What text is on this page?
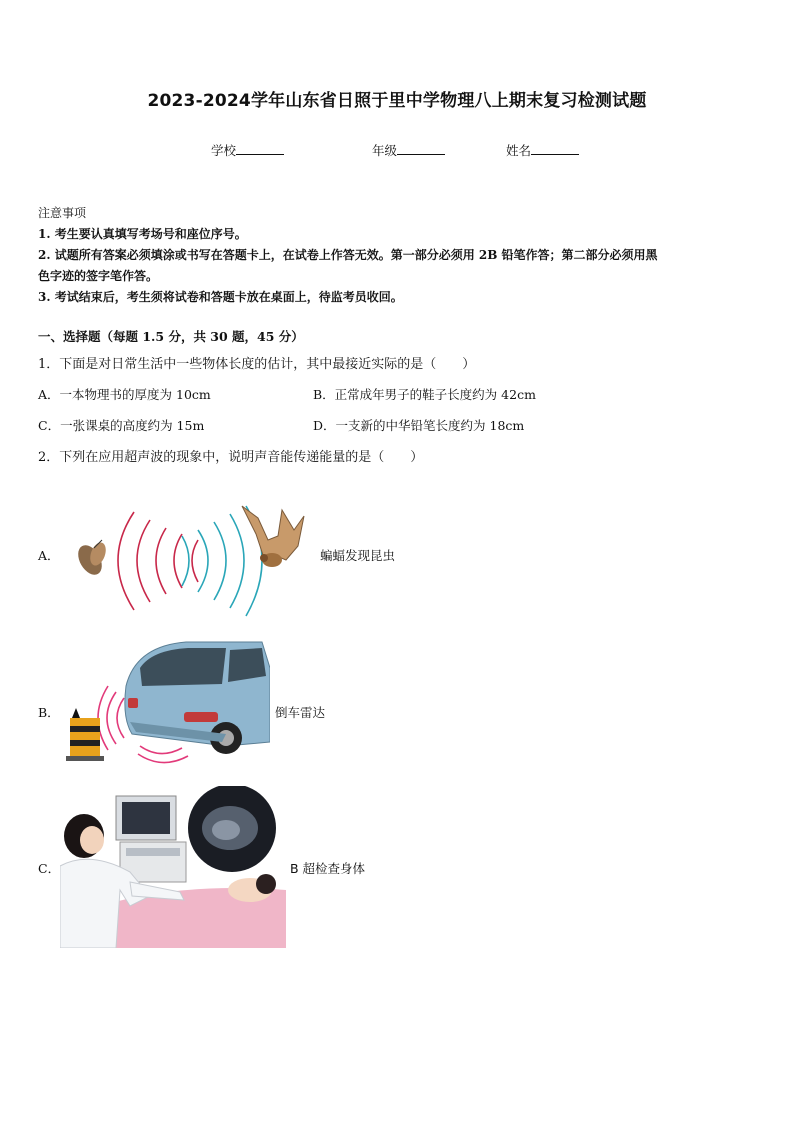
2023-2024学年山东省日照于里中学物理八上期末复习检测试题
学校	年级	姓名

注意事项

1. 考生要认真填写考场号和座位序号。

2. 试题所有答案必须填涂或书写在答题卡上，在试卷上作答无效。第一部分必须用 2B 铅笔作答；第二部分必须用黑

色字迹的签字笔作答。

3. 考试结束后，考生须将试卷和答题卡放在桌面上，待监考员收回。

一、选择题（每题 1.5 分，共 30 题，45 分）
1．下面是对日常生活中一些物体长度的估计，其中最接近实际的是（　　）
A．一本物理书的厚度为 10cm	B．正常成年男子的鞋子长度约为 42cm
C．一张课桌的高度约为 15m	D．一支新的中华铅笔长度约为 18cm
2．下列在应用超声波的现象中，说明声音能传递能量的是（　　）
A．	蝙蝠发现昆虫
B．	倒车雷达
C．	B 超检查身体
